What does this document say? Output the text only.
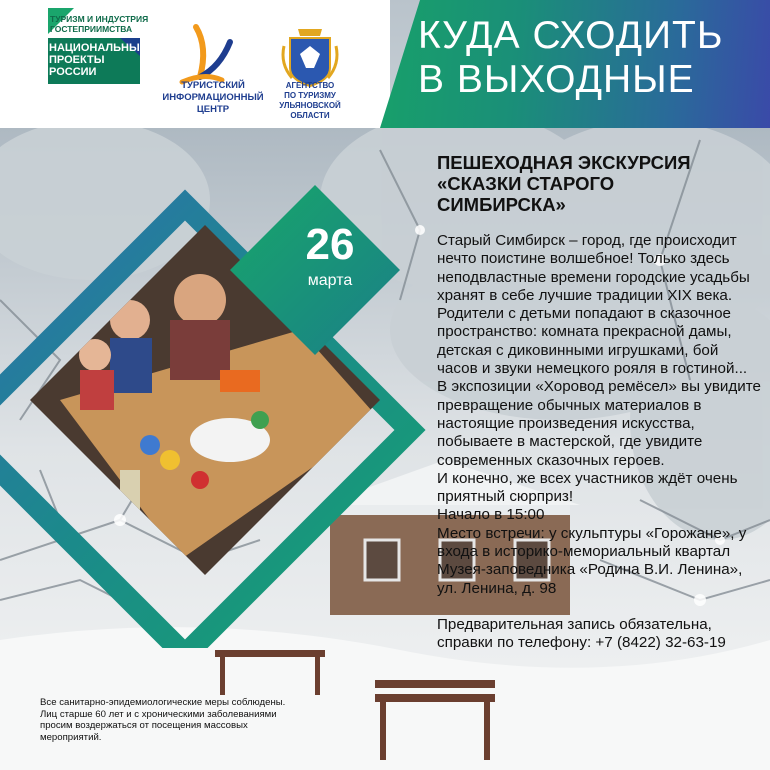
КУДА СХОДИТЬ
В ВЫХОДНЫЕ
ТУРИЗМ И ИНДУСТРИЯ ГОСТЕПРИИМСТВА
НАЦИОНАЛЬНЫЕ ПРОЕКТЫ РОССИИ
ТУРИСТСКИЙ
ИНФОРМАЦИОННЫЙ
ЦЕНТР
АГЕНТСТВО
ПО ТУРИЗМУ
УЛЬЯНОВСКОЙ
ОБЛАСТИ
26
марта
ПЕШЕХОДНАЯ ЭКСКУРСИЯ
«СКАЗКИ СТАРОГО
СИМБИРСКА»

Старый Симбирск – город, где происходит нечто поистине волшебное! Только здесь неподвластные времени городские усадьбы хранят в себе лучшие традиции XIX века. Родители с детьми попадают в сказочное пространство: комната прекрасной дамы, детская с диковинными игрушками, бой часов и звуки немецкого рояля в гостиной...

В экспозиции «Хоровод ремёсел» вы увидите превращение обычных материалов в настоящие произведения искусства, побываете в мастерской, где увидите современных сказочных героев.

И конечно, же всех участников ждёт очень приятный сюрприз!

Начало в 15:00

Место встречи: у скульптуры «Горожане», у входа в историко-мемориальный квартал Музея-заповедника «Родина В.И. Ленина», ул. Ленина, д. 98

Предварительная запись обязательна, справки по телефону: +7 (8422) 32-63-19

Все санитарно-эпидемиологические меры соблюдены.
Лиц старше 60 лет и с хроническими заболеваниями
просим воздержаться от посещения массовых
мероприятий.
